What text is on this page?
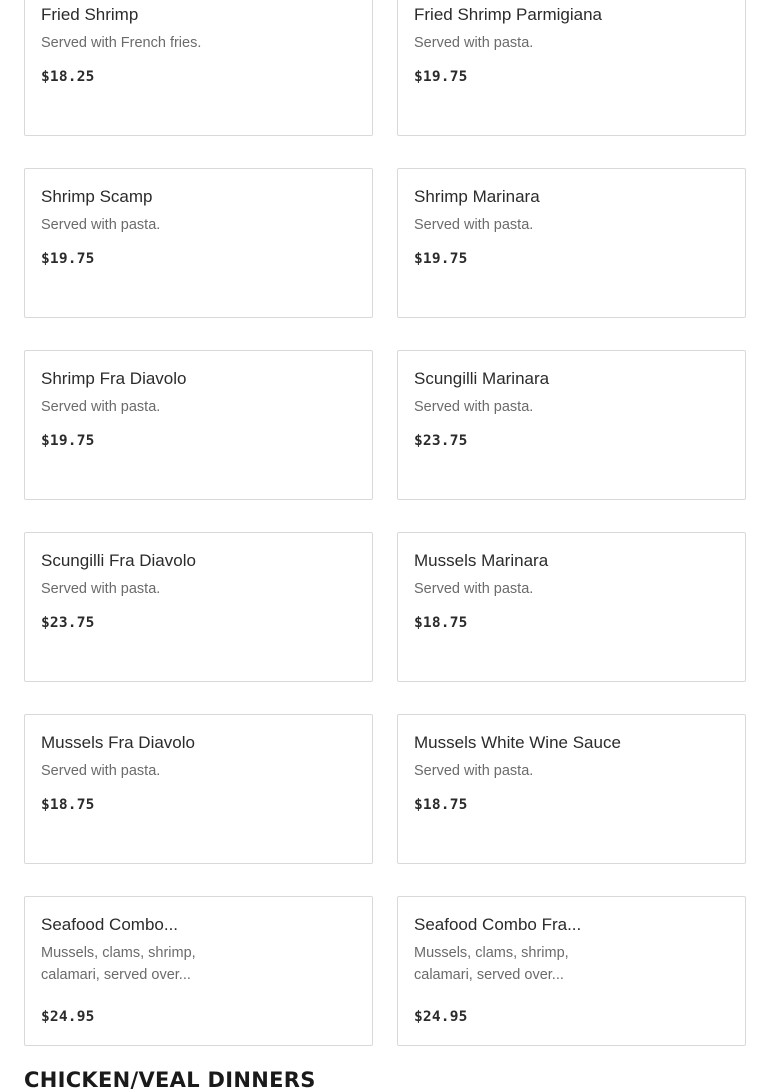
Fried Shrimp
Served with French fries.
$18.25
Fried Shrimp Parmigiana
Served with pasta.
$19.75
Shrimp Scamp
Served with pasta.
$19.75
Shrimp Marinara
Served with pasta.
$19.75
Shrimp Fra Diavolo
Served with pasta.
$19.75
Scungilli Marinara
Served with pasta.
$23.75
Scungilli Fra Diavolo
Served with pasta.
$23.75
Mussels Marinara
Served with pasta.
$18.75
Mussels Fra Diavolo
Served with pasta.
$18.75
Mussels White Wine Sauce
Served with pasta.
$18.75
Seafood Combo...
Mussels, clams, shrimp, calamari, served over...
$24.95
Seafood Combo Fra...
Mussels, clams, shrimp, calamari, served over...
$24.95
CHICKEN/VEAL DINNERS
